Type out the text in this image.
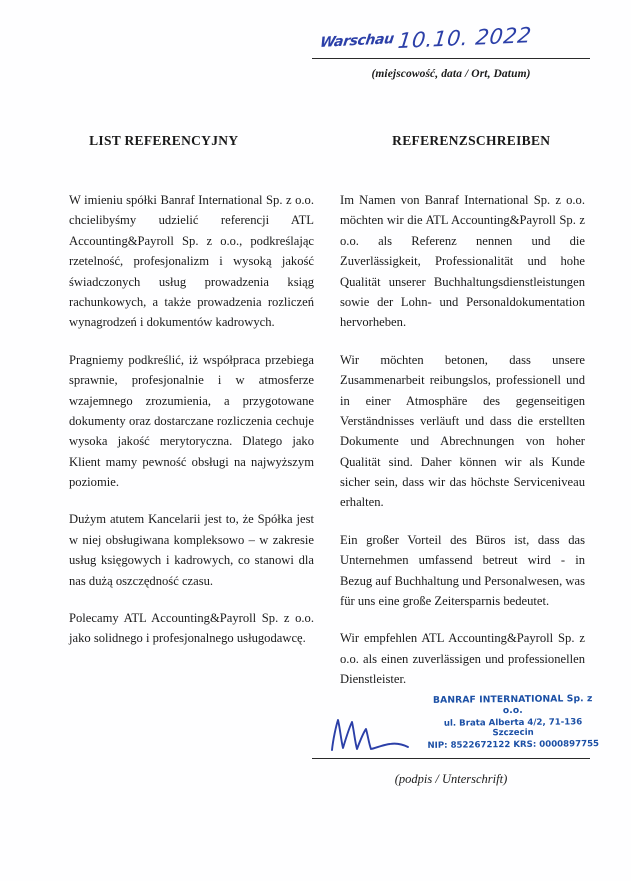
Warschau 10.10. 2022
(miejscowość, data / Ort, Datum)
LIST REFERENCYJNY	REFERENZSCHREIBEN

W imieniu spółki Banraf International Sp. z o.o. chcielibyśmy udzielić referencji ATL Accounting&Payroll Sp. z o.o., podkreślając rzetelność, profesjonalizm i wysoką jakość świadczonych usług prowadzenia ksiąg rachunkowych, a także prowadzenia rozliczeń wynagrodzeń i dokumentów kadrowych.

Pragniemy podkreślić, iż współpraca przebiega sprawnie, profesjonalnie i w atmosferze wzajemnego zrozumienia, a przygotowane dokumenty oraz dostarczane rozliczenia cechuje wysoka jakość merytoryczna. Dlatego jako Klient mamy pewność obsługi na najwyższym poziomie.

Dużym atutem Kancelarii jest to, że Spółka jest w niej obsługiwana kompleksowo – w zakresie usług księgowych i kadrowych, co stanowi dla nas dużą oszczędność czasu.

Polecamy ATL Accounting&Payroll Sp. z o.o. jako solidnego i profesjonalnego usługodawcę.

Im Namen von Banraf International Sp. z o.o. möchten wir die ATL Accounting&Payroll Sp. z o.o. als Referenz nennen und die Zuverlässigkeit, Professionalität und hohe Qualität unserer Buchhaltungsdienstleistungen sowie der Lohn- und Personaldokumentation hervorheben.

Wir möchten betonen, dass unsere Zusammenarbeit reibungslos, professionell und in einer Atmosphäre des gegenseitigen Verständnisses verläuft und dass die erstellten Dokumente und Abrechnungen von hoher Qualität sind. Daher können wir als Kunde sicher sein, dass wir das höchste Serviceniveau erhalten.

Ein großer Vorteil des Büros ist, dass das Unternehmen umfassend betreut wird - in Bezug auf Buchhaltung und Personalwesen, was für uns eine große Zeitersparnis bedeutet.

Wir empfehlen ATL Accounting&Payroll Sp. z o.o. als einen zuverlässigen und professionellen Dienstleister.

BANRAF INTERNATIONAL Sp. z o.o.
ul. Brata Alberta 4/2, 71-136 Szczecin
NIP: 8522672122 KRS: 0000897755
(podpis / Unterschrift)
